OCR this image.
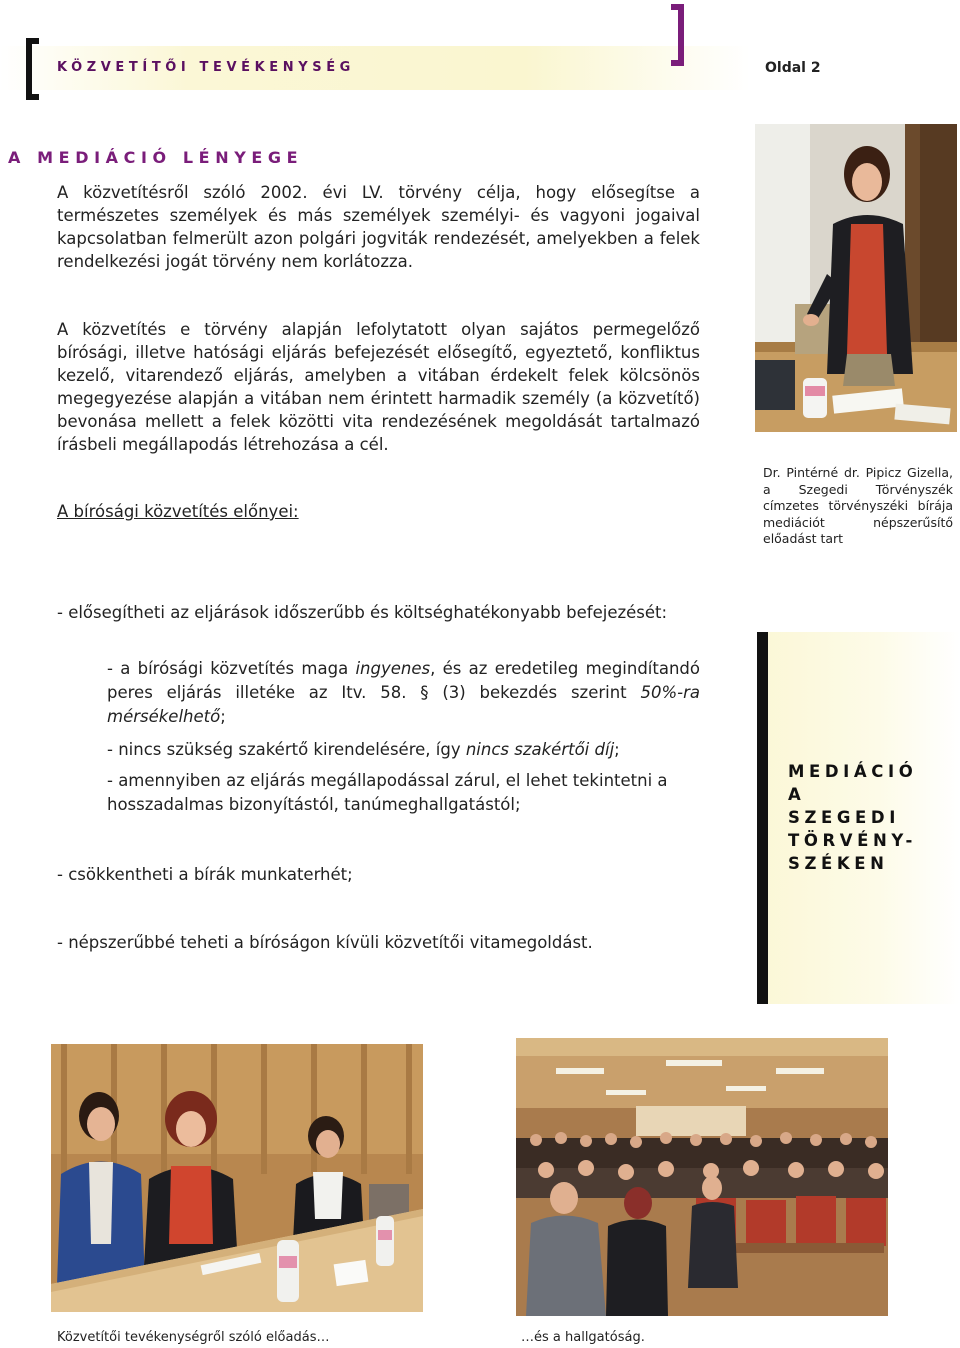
KÖZVETÍTŐI TEVÉKENYSÉG	Oldal 2
A MEDIÁCIÓ LÉNYEGE
A közvetítésről szóló 2002. évi LV. törvény célja, hogy elősegítse a természetes személyek és más személyek személyi- és vagyoni jogaival kapcsolatban felmerült azon polgári jogviták rendezését, amelyekben a felek rendelkezési jogát törvény nem korlátozza.
A közvetítés e törvény alapján lefolytatott olyan sajátos permegelőző bírósági, illetve hatósági eljárás befejezését elősegítő, egyeztető, konfliktus kezelő, vitarendező eljárás, amelyben a vitában érdekelt felek kölcsönös megegyezése alapján a vitában nem érintett harmadik személy (a közvetítő) bevonása mellett a felek közötti vita rendezésének megoldását tartalmazó írásbeli megállapodás létrehozása a cél.
A bírósági közvetítés előnyei:
- elősegítheti az eljárások időszerűbb és költséghatékonyabb befejezését:
- a bírósági közvetítés maga ingyenes, és az eredetileg megindítandó peres eljárás illetéke az Itv. 58. § (3) bekezdés szerint 50%-ra mérsékelhető;
- nincs szükség szakértő kirendelésére, így nincs szakértői díj;
- amennyiben az eljárás megállapodással zárul, el lehet tekintetni a hosszadalmas bizonyítástól, tanúmeghallgatástól;
- csökkentheti a bírák munkaterhét;
- népszerűbbé teheti a bíróságon kívüli közvetítői vitamegoldást.
Dr. Pintérné dr. Pipicz Gizella, a Szegedi Törvényszék címzetes törvényszéki bírája mediációt népszerűsítő előadást tart
MEDIÁCIÓ
A
SZEGEDI
TÖRVÉNY-
SZÉKEN
Közvetítői tevékenységről szóló előadás…	…és a hallgatóság.
